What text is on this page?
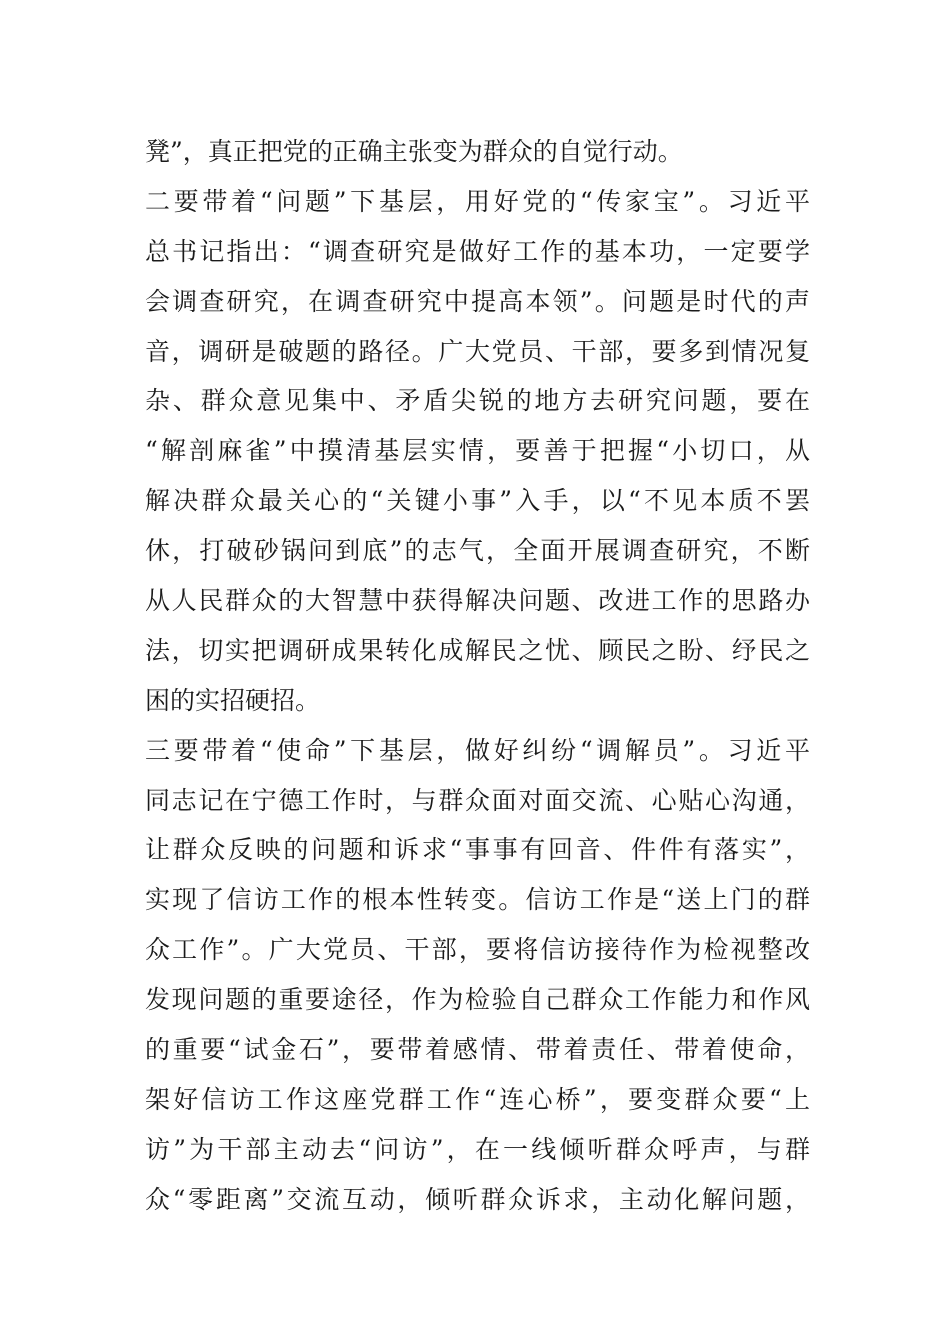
凳”，真正把党的正确主张变为群众的自觉行动。
二要带着“问题”下基层，用好党的“传家宝”。习近平
总书记指出：“调查研究是做好工作的基本功，一定要学
会调查研究，在调查研究中提高本领”。问题是时代的声
音，调研是破题的路径。广大党员、干部，要多到情况复
杂、群众意见集中、矛盾尖锐的地方去研究问题，要在
“解剖麻雀”中摸清基层实情，要善于把握“小切口，从
解决群众最关心的“关键小事”入手，以“不见本质不罢
休，打破砂锅问到底”的志气，全面开展调查研究，不断
从人民群众的大智慧中获得解决问题、改进工作的思路办
法，切实把调研成果转化成解民之忧、顾民之盼、纾民之
困的实招硬招。
三要带着“使命”下基层，做好纠纷“调解员”。习近平
同志记在宁德工作时，与群众面对面交流、心贴心沟通，
让群众反映的问题和诉求“事事有回音、件件有落实”，
实现了信访工作的根本性转变。信访工作是“送上门的群
众工作”。广大党员、干部，要将信访接待作为检视整改
发现问题的重要途径，作为检验自己群众工作能力和作风
的重要“试金石”，要带着感情、带着责任、带着使命，
架好信访工作这座党群工作“连心桥”，要变群众要“上
访”为干部主动去“问访”，在一线倾听群众呼声，与群
众“零距离”交流互动，倾听群众诉求，主动化解问题，
